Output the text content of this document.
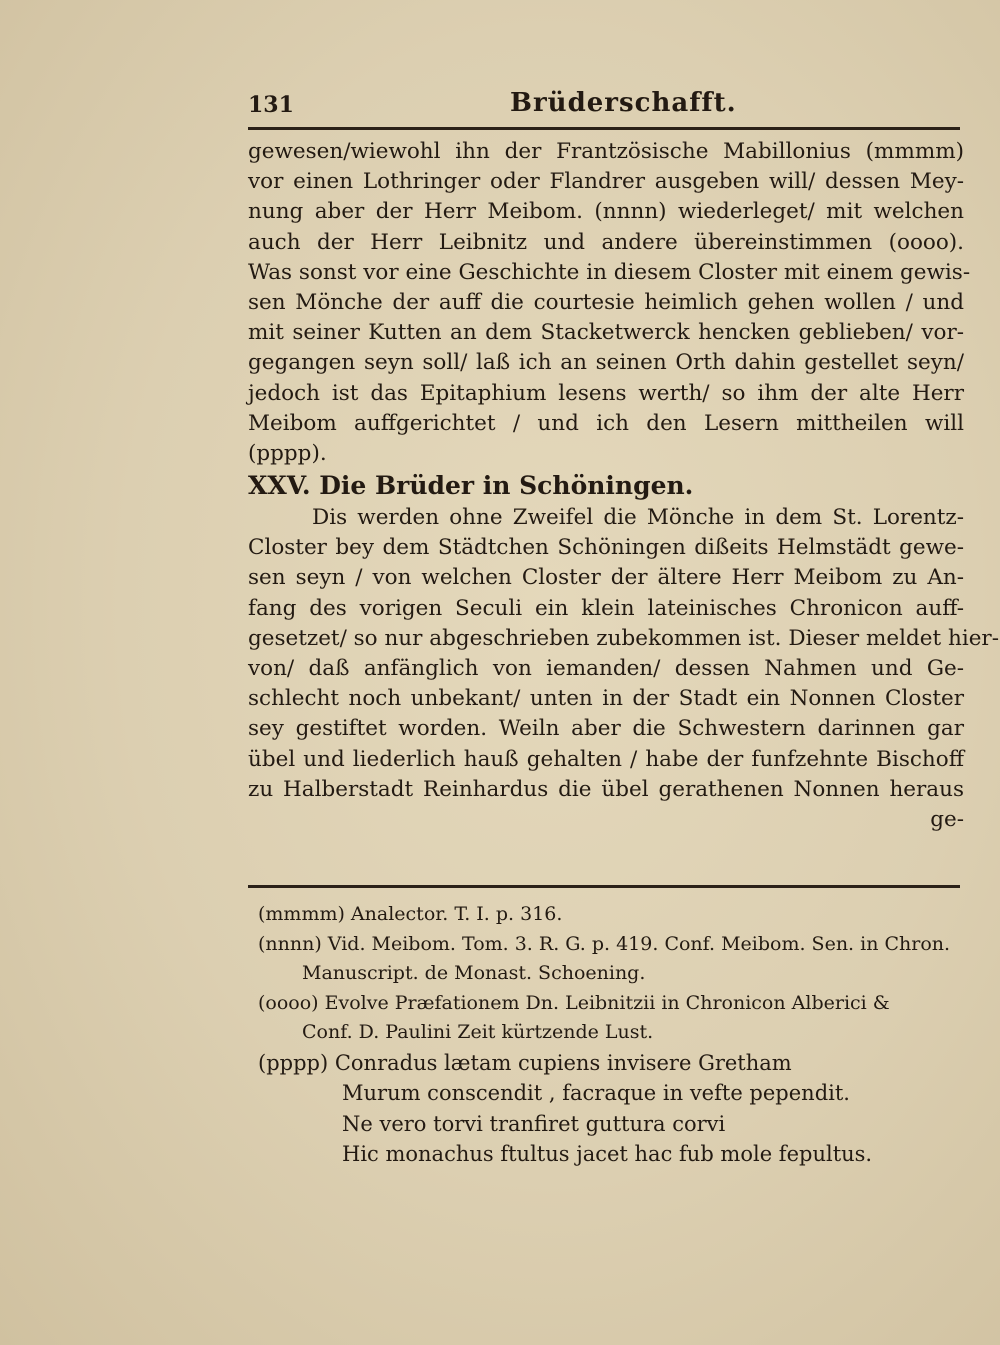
131	Brüderschafft.
gewesen/wiewohl ihn der Frantzösische Mabillonius (mmmm)
vor einen Lothringer oder Flandrer ausgeben will/ dessen Mey-
nung aber der Herr Meibom. (nnnn) wiederleget/ mit welchen
auch der Herr Leibnitz und andere übereinstimmen (oooo).
Was sonst vor eine Geschichte in diesem Closter mit einem gewis-
sen Mönche der auff die courtesie heimlich gehen wollen / und
mit seiner Kutten an dem Stacketwerck hencken geblieben/ vor-
gegangen seyn soll/ laß ich an seinen Orth dahin gestellet seyn/
jedoch ist das Epitaphium lesens werth/ so ihm der alte Herr
Meibom auffgerichtet / und ich den Lesern mittheilen will
(pppp).
XXV. Die Brüder in Schöningen.
Dis werden ohne Zweifel die Mönche in dem St. Lorentz-
Closter bey dem Städtchen Schöningen dißeits Helmstädt gewe-
sen seyn / von welchen Closter der ältere Herr Meibom zu An-
fang des vorigen Seculi ein klein lateinisches Chronicon auff-
gesetzet/ so nur abgeschrieben zubekommen ist. Dieser meldet hier-
von/ daß anfänglich von iemanden/ dessen Nahmen und Ge-
schlecht noch unbekant/ unten in der Stadt ein Nonnen Closter
sey gestiftet worden. Weiln aber die Schwestern darinnen gar
übel und liederlich hauß gehalten / habe der funfzehnte Bischoff
zu Halberstadt Reinhardus die übel gerathenen Nonnen heraus
ge-
(mmmm) Analector. T. I. p. 316.
(nnnn) Vid. Meibom. Tom. 3. R. G. p. 419. Conf. Meibom. Sen. in Chron.
Manuscript. de Monast. Schoening.
(oooo) Evolve Præfationem Dn. Leibnitzii in Chronicon Alberici &
Conf. D. Paulini Zeit kürtzende Lust.
(pppp) Conradus lætam cupiens invisere Gretham
Murum conscendit , facraque in vefte pependit.
Ne vero torvi tranfiret guttura corvi
Hic monachus ftultus jacet hac fub mole fepultus.
